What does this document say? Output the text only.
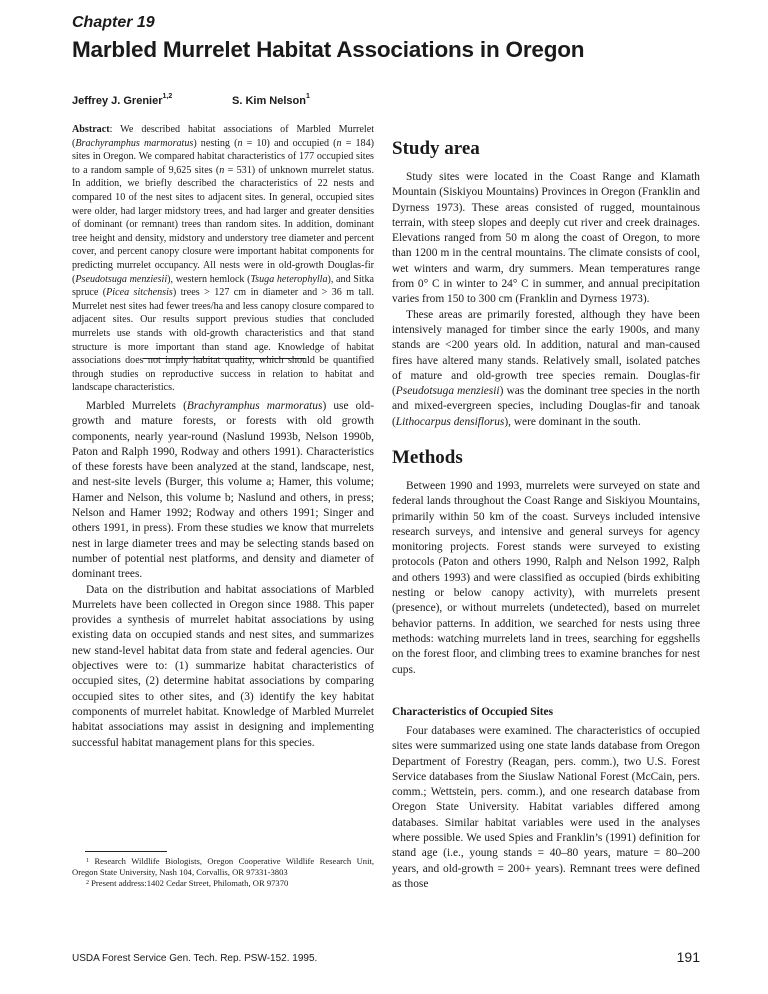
Chapter 19
Marbled Murrelet Habitat Associations in Oregon
Jeffrey J. Grenier$^{1,2}$	S. Kim Nelson$^1$

Abstract: We described habitat associations of Marbled Murrelet (Brachyramphus marmoratus) nesting (n = 10) and occupied (n = 184) sites in Oregon. We compared habitat characteristics of 177 occupied sites to a random sample of 9,625 sites (n = 531) of unknown murrelet status. In addition, we briefly described the characteristics of 22 nests and compared 10 of the nest sites to adjacent sites. In general, occupied sites were older, had larger midstory trees, and had larger and greater densities of dominant (or remnant) trees than random sites. In addition, dominant tree height and density, midstory and understory tree diameter and percent cover, and percent canopy closure were important habitat components for predicting murrelet occupancy. All nests were in old-growth Douglas-fir (Pseudotsuga menziesii), western hemlock (Tsuga heterophylla), and Sitka spruce (Picea sitchensis) trees > 127 cm in diameter and > 36 m tall. Murrelet nest sites had fewer trees/ha and less canopy closure compared to adjacent sites. Our results support previous studies that concluded murrelets use stands with old-growth characteristics and that stand structure is more important than stand age. Knowledge of habitat associations does not imply habitat quality, which should be quantified through studies on reproductive success in relation to habitat and landscape characteristics.

Marbled Murrelets (Brachyramphus marmoratus) use old-growth and mature forests, or forests with old growth components, nearly year-round (Naslund 1993b, Nelson 1990b, Paton and Ralph 1990, Rodway and others 1991). Characteristics of these forests have been analyzed at the stand, landscape, nest, and nest-site levels (Burger, this volume a; Hamer, this volume; Hamer and Nelson, this volume b; Naslund and others, in press; Nelson and Hamer 1992; Rodway and others 1991; Singer and others 1991, in press). From these studies we know that murrelets nest in large diameter trees and may be selecting stands based on number of potential nest platforms, and density and diameter of dominant trees.

Data on the distribution and habitat associations of Marbled Murrelets have been collected in Oregon since 1988. This paper provides a synthesis of murrelet habitat associations by using existing data on occupied stands and nest sites, and summarizes new stand-level habitat data from state and federal agencies. Our objectives were to: (1) summarize habitat characteristics of occupied sites, (2) determine habitat associations by comparing occupied sites to other sites, and (3) identify the key habitat components of murrelet habitat. Knowledge of Marbled Murrelet habitat associations may assist in designing and implementing successful habitat management plans for this species.

$^1$ Research Wildlife Biologists, Oregon Cooperative Wildlife Research Unit, Oregon State University, Nash 104, Corvallis, OR 97331-3803

$^2$ Present address:1402 Cedar Street, Philomath, OR 97370

USDA Forest Service Gen. Tech. Rep. PSW-152. 1995.	191
Study area

Study sites were located in the Coast Range and Klamath Mountain (Siskiyou Mountains) Provinces in Oregon (Franklin and Dyrness 1973). These areas consisted of rugged, mountainous terrain, with steep slopes and deeply cut river and creek drainages. Elevations ranged from 50 m along the coast of Oregon, to more than 1200 m in the central mountains. The climate consists of cool, wet winters and warm, dry summers. Mean temperatures range from 0° C in winter to 24° C in summer, and annual precipitation varies from 150 to 300 cm (Franklin and Dyrness 1973).

These areas are primarily forested, although they have been intensively managed for timber since the early 1900s, and many stands are <200 years old. In addition, natural and man-caused fires have altered many stands. Relatively small, isolated patches of mature and old-growth tree species remain. Douglas-fir (Pseudotsuga menziesii) was the dominant tree species in the north and mixed-evergreen species, including Douglas-fir and tanoak (Lithocarpus densiflorus), were dominant in the south.

Methods

Between 1990 and 1993, murrelets were surveyed on state and federal lands throughout the Coast Range and Siskiyou Mountains, primarily within 50 km of the coast. Surveys included intensive research surveys, and intensive and general surveys for agency monitoring projects. Forest stands were surveyed to existing protocols (Paton and others 1990, Ralph and Nelson 1992, Ralph and others 1993) and were classified as occupied (birds exhibiting nesting or below canopy activity), with murrelets present (presence), or without murrelets (undetected), based on murrelet behavior patterns. In addition, we searched for nests using three methods: watching murrelets land in trees, searching for eggshells on the forest floor, and climbing trees to examine branches for nest cups.

Characteristics of Occupied Sites

Four databases were examined. The characteristics of occupied sites were summarized using one state lands database from Oregon Department of Forestry (Reagan, pers. comm.), two U.S. Forest Service databases from the Siuslaw National Forest (McCain, pers. comm.; Wettstein, pers. comm.), and one research database from Oregon State University. Habitat variables differed among databases. Similar habitat variables were used in the analyses where possible. We used Spies and Franklin’s (1991) definition for stand age (i.e., young stands = 40–80 years, mature = 80–200 years, and old-growth = 200+ years). Remnant trees were defined as those
